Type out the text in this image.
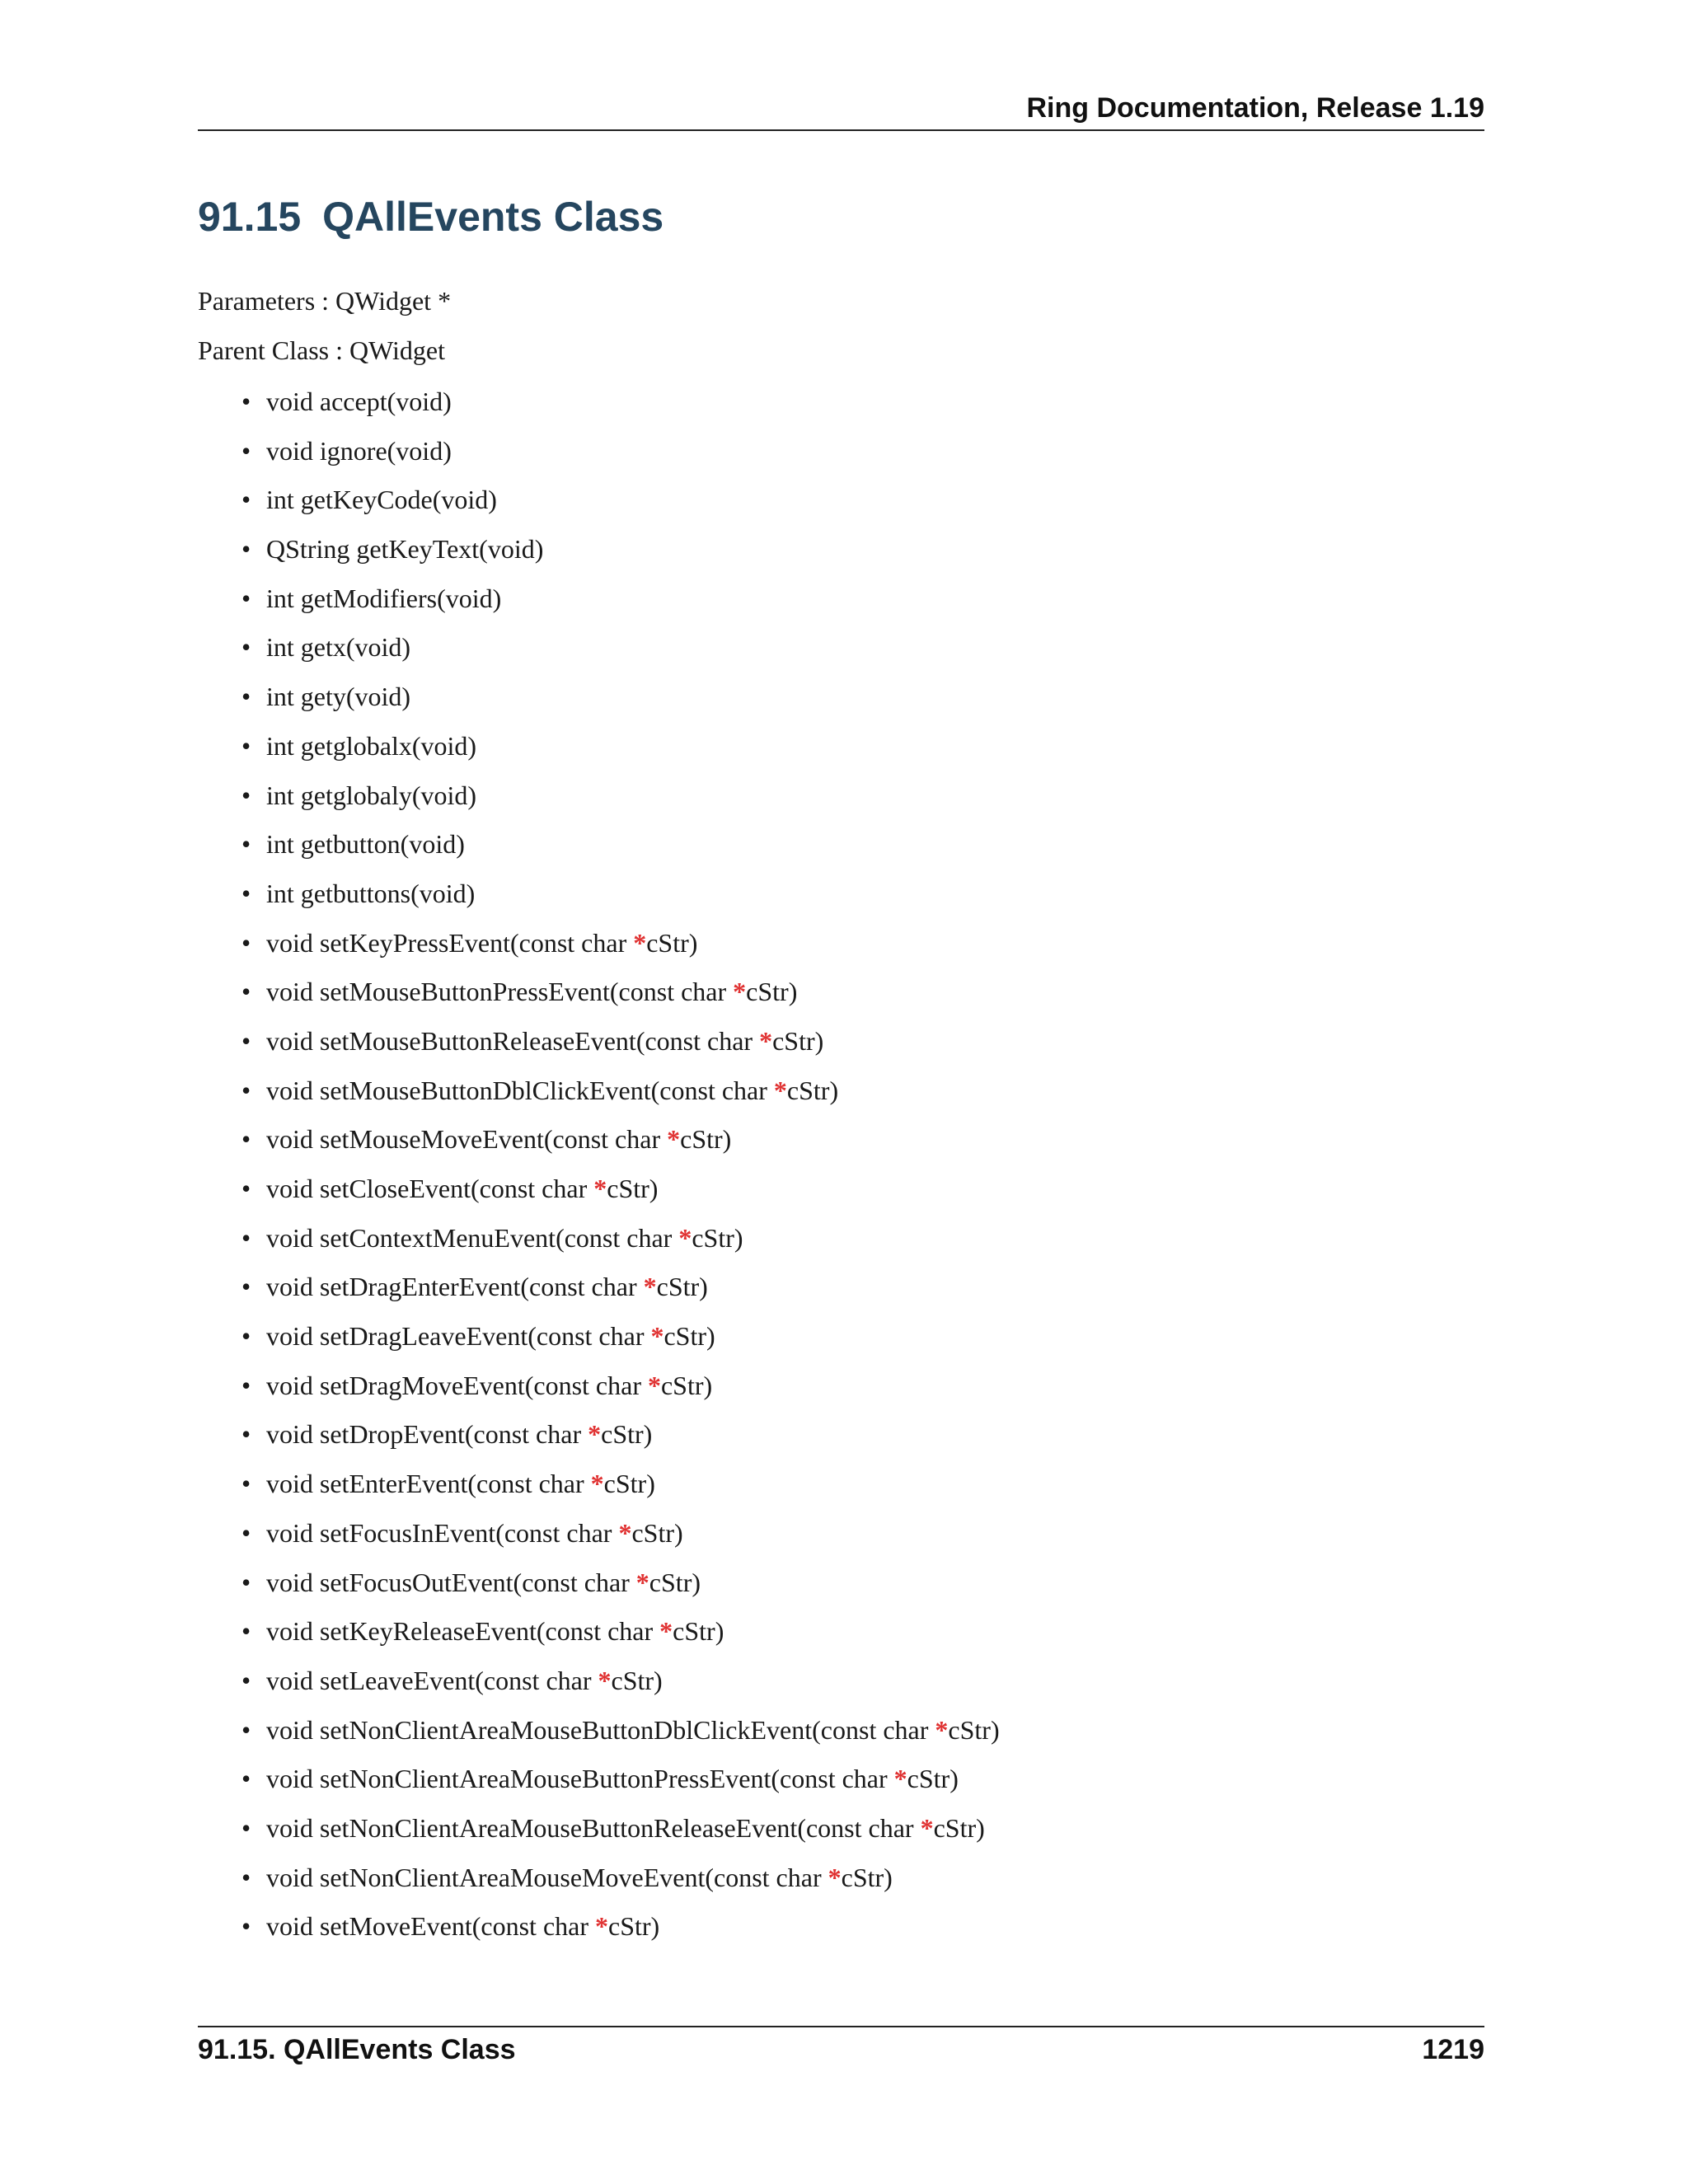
Ring Documentation, Release 1.19
91.15 QAllEvents Class
Parameters : QWidget *
Parent Class : QWidget
• void accept(void)
• void ignore(void)
• int getKeyCode(void)
• QString getKeyText(void)
• int getModifiers(void)
• int getx(void)
• int gety(void)
• int getglobalx(void)
• int getglobaly(void)
• int getbutton(void)
• int getbuttons(void)
• void setKeyPressEvent(const char *cStr)
• void setMouseButtonPressEvent(const char *cStr)
• void setMouseButtonReleaseEvent(const char *cStr)
• void setMouseButtonDblClickEvent(const char *cStr)
• void setMouseMoveEvent(const char *cStr)
• void setCloseEvent(const char *cStr)
• void setContextMenuEvent(const char *cStr)
• void setDragEnterEvent(const char *cStr)
• void setDragLeaveEvent(const char *cStr)
• void setDragMoveEvent(const char *cStr)
• void setDropEvent(const char *cStr)
• void setEnterEvent(const char *cStr)
• void setFocusInEvent(const char *cStr)
• void setFocusOutEvent(const char *cStr)
• void setKeyReleaseEvent(const char *cStr)
• void setLeaveEvent(const char *cStr)
• void setNonClientAreaMouseButtonDblClickEvent(const char *cStr)
• void setNonClientAreaMouseButtonPressEvent(const char *cStr)
• void setNonClientAreaMouseButtonReleaseEvent(const char *cStr)
• void setNonClientAreaMouseMoveEvent(const char *cStr)
• void setMoveEvent(const char *cStr)
91.15. QAllEvents Class	1219
